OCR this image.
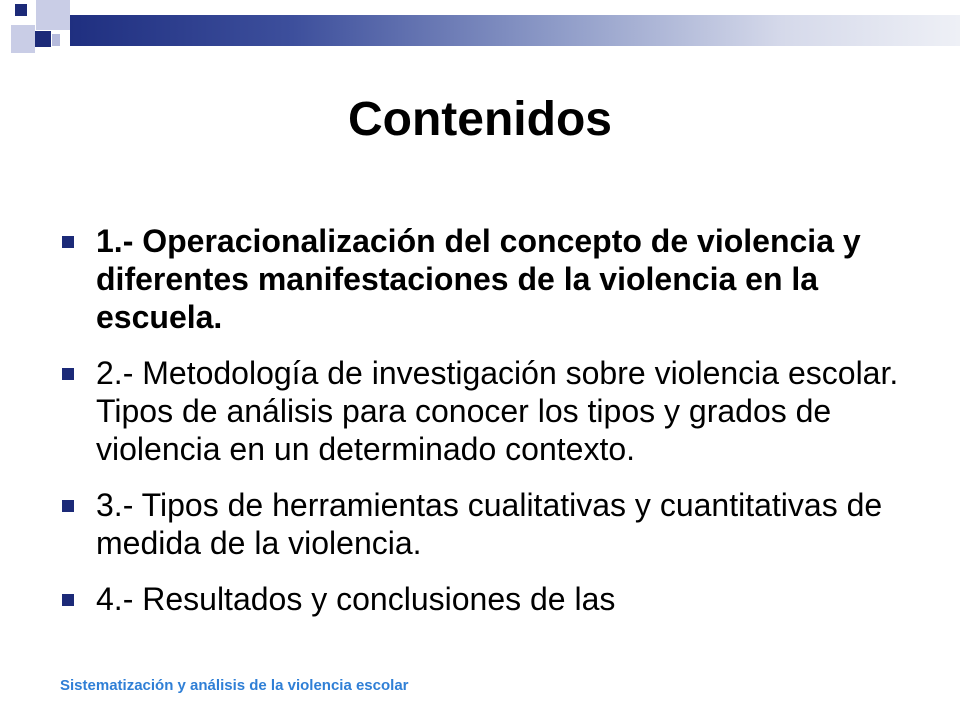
Contenidos
1.- Operacionalización del concepto de violencia y diferentes manifestaciones de la violencia en la escuela.
2.- Metodología de investigación sobre violencia escolar. Tipos de análisis para conocer los tipos y grados de violencia en un determinado contexto.
3.- Tipos de herramientas cualitativas y cuantitativas de medida de la violencia.
4.- Resultados y conclusiones de las
Sistematización y análisis de la violencia escolar
